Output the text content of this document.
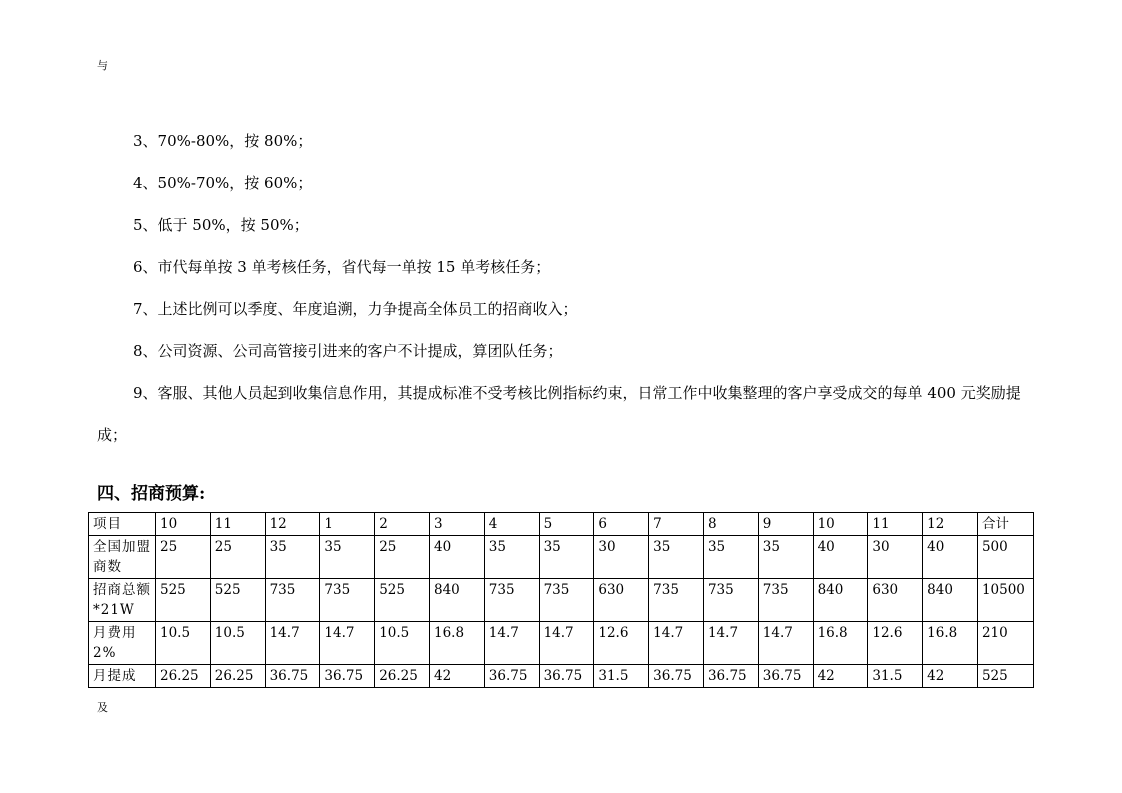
与
3、70%-80%，按 80%；
4、50%-70%，按 60%；
5、低于 50%，按 50%；
6、市代每单按 3 单考核任务，省代每一单按 15 单考核任务；
7、上述比例可以季度、年度追溯，力争提高全体员工的招商收入；
8、公司资源、公司高管接引进来的客户不计提成，算团队任务；
9、客服、其他人员起到收集信息作用，其提成标准不受考核比例指标约束，日常工作中收集整理的客户享受成交的每单 400 元奖励提成；
四、招商预算:
项目	10	11	12	1	2	3	4	5	6	7	8	9	10	11	12	合计
全国加盟商数	25	25	35	35	25	40	35	35	30	35	35	35	40	30	40	500
招商总额*21W	525	525	735	735	525	840	735	735	630	735	735	735	840	630	840	10500
月费用2%	10.5	10.5	14.7	14.7	10.5	16.8	14.7	14.7	12.6	14.7	14.7	14.7	16.8	12.6	16.8	210
月提成	26.25	26.25	36.75	36.75	26.25	42	36.75	36.75	31.5	36.75	36.75	36.75	42	31.5	42	525
及
